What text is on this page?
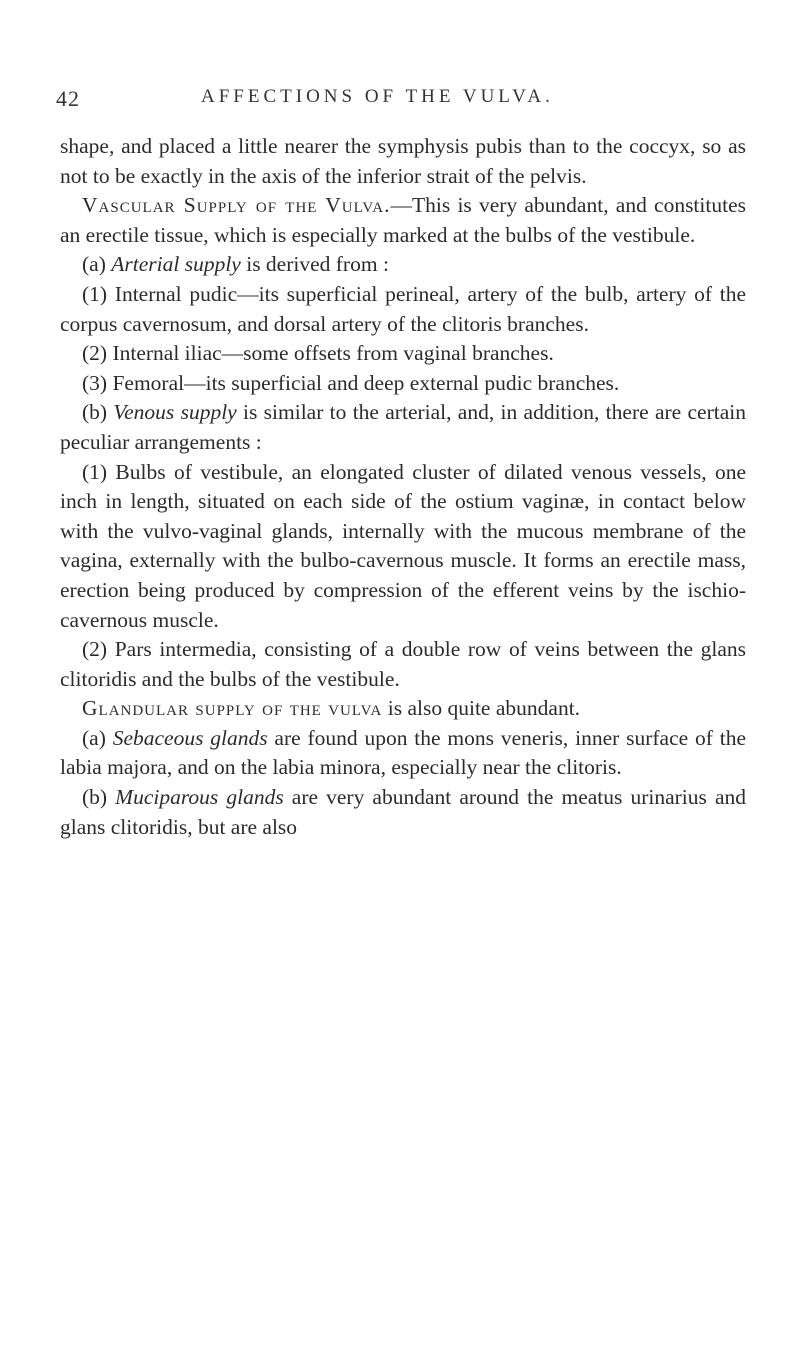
42	AFFECTIONS OF THE VULVA.

shape, and placed a little nearer the symphysis pubis than to the coccyx, so as not to be exactly in the axis of the inferior strait of the pelvis.

Vascular Supply of the Vulva.—This is very abundant, and constitutes an erectile tissue, which is especially marked at the bulbs of the vestibule.

(a) Arterial supply is derived from :

(1) Internal pudic—its superficial perineal, artery of the bulb, artery of the corpus cavernosum, and dorsal artery of the clitoris branches.

(2) Internal iliac—some offsets from vaginal branches.

(3) Femoral—its superficial and deep external pudic branches.

(b) Venous supply is similar to the arterial, and, in addition, there are certain peculiar arrangements :

(1) Bulbs of vestibule, an elongated cluster of dilated venous vessels, one inch in length, situated on each side of the ostium vaginæ, in contact below with the vulvo-vaginal glands, internally with the mucous membrane of the vagina, externally with the bulbo-cavernous muscle. It forms an erectile mass, erection being produced by compression of the efferent veins by the ischio-cavernous muscle.

(2) Pars intermedia, consisting of a double row of veins between the glans clitoridis and the bulbs of the vestibule.

Glandular supply of the vulva is also quite abundant.

(a) Sebaceous glands are found upon the mons veneris, inner surface of the labia majora, and on the labia minora, especially near the clitoris.

(b) Muciparous glands are very abundant around the meatus urinarius and glans clitoridis, but are also
